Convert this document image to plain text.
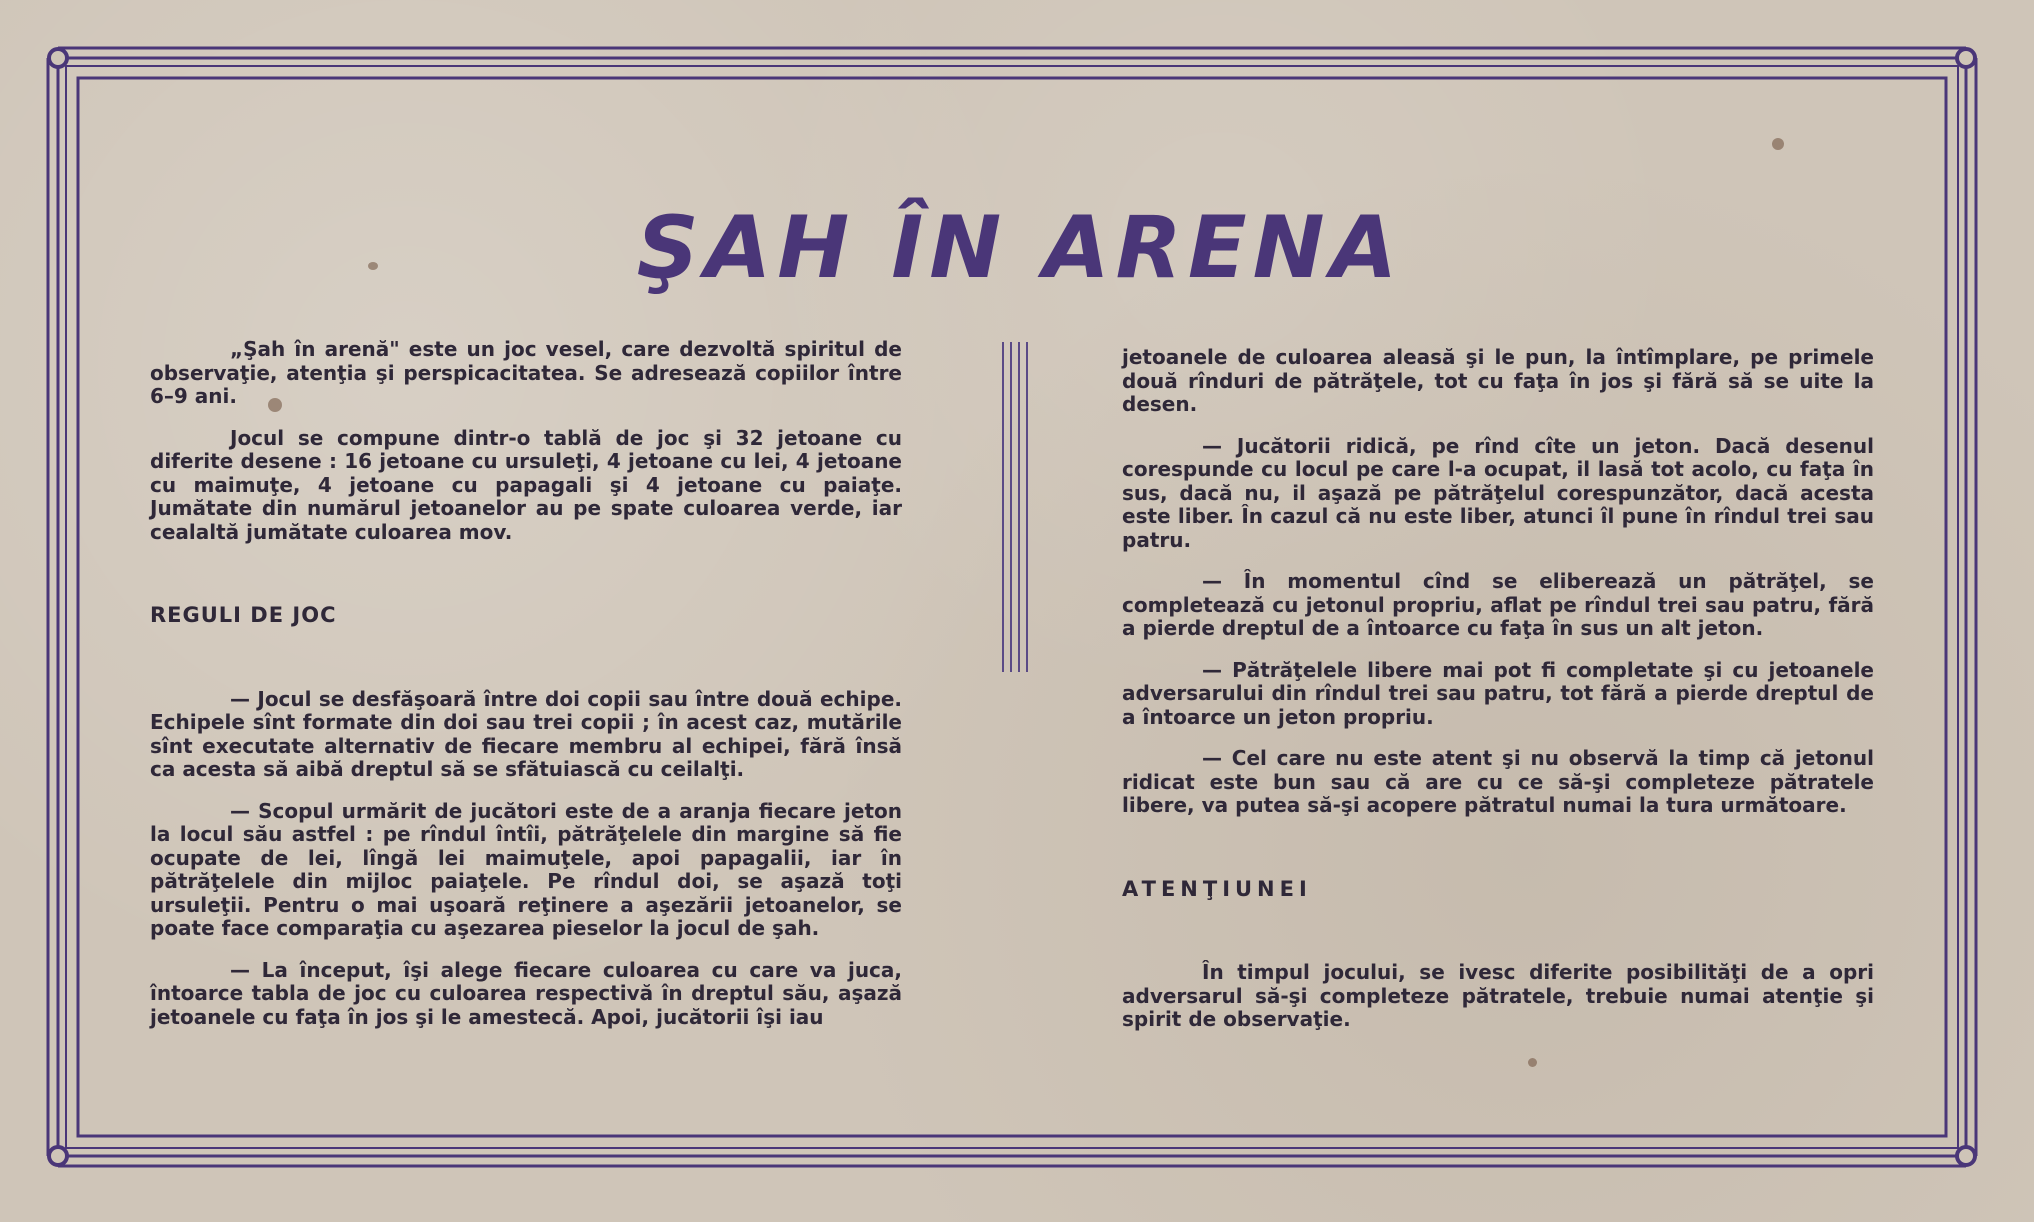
ŞAH ÎN ARENA

„Şah în arenă" este un joc vesel, care dezvoltă spiritul de observaţie, atenţia şi perspicacitatea. Se adresează copiilor între 6–9 ani.

Jocul se compune dintr-o tablă de joc şi 32 jetoane cu diferite desene : 16 jetoane cu ursuleţi, 4 jetoane cu lei, 4 jetoane cu maimuţe, 4 jetoane cu papagali şi 4 jetoane cu paiaţe. Jumătate din numărul jetoanelor au pe spate culoarea verde, iar cealaltă jumătate culoarea mov.

REGULI DE JOC

— Jocul se desfăşoară între doi copii sau între două echipe. Echipele sînt formate din doi sau trei copii ; în acest caz, mutările sînt executate alternativ de fiecare membru al echipei, fără însă ca acesta să aibă dreptul să se sfătuiască cu ceilalţi.

— Scopul urmărit de jucători este de a aranja fiecare jeton la locul său astfel : pe rîndul întîi, pătrăţelele din margine să fie ocupate de lei, lîngă lei maimuţele, apoi papagalii, iar în pătrăţelele din mijloc paiaţele. Pe rîndul doi, se aşază toţi ursuleţii. Pentru o mai uşoară reţinere a aşezării jetoanelor, se poate face comparaţia cu aşezarea pieselor la jocul de şah.

— La început, îşi alege fiecare culoarea cu care va juca, întoarce tabla de joc cu culoarea respectivă în dreptul său, aşază jetoanele cu faţa în jos şi le amestecă. Apoi, jucătorii îşi iau

jetoanele de culoarea aleasă şi le pun, la întîmplare, pe primele două rînduri de pătrăţele, tot cu faţa în jos şi fără să se uite la desen.

— Jucătorii ridică, pe rînd cîte un jeton. Dacă desenul corespunde cu locul pe care l-a ocupat, il lasă tot acolo, cu faţa în sus, dacă nu, il aşază pe pătrăţelul corespunzător, dacă acesta este liber. În cazul că nu este liber, atunci îl pune în rîndul trei sau patru.

— În momentul cînd se eliberează un pătrăţel, se completează cu jetonul propriu, aflat pe rîndul trei sau patru, fără a pierde dreptul de a întoarce cu faţa în sus un alt jeton.

— Pătrăţelele libere mai pot fi completate şi cu jetoanele adversarului din rîndul trei sau patru, tot fără a pierde dreptul de a întoarce un jeton propriu.

— Cel care nu este atent şi nu observă la timp că jetonul ridicat este bun sau că are cu ce să-şi completeze pătratele libere, va putea să-şi acopere pătratul numai la tura următoare.

ATENŢIUNEI

În timpul jocului, se ivesc diferite posibilităţi de a opri adversarul să-şi completeze pătratele, trebuie numai atenţie şi spirit de observaţie.
